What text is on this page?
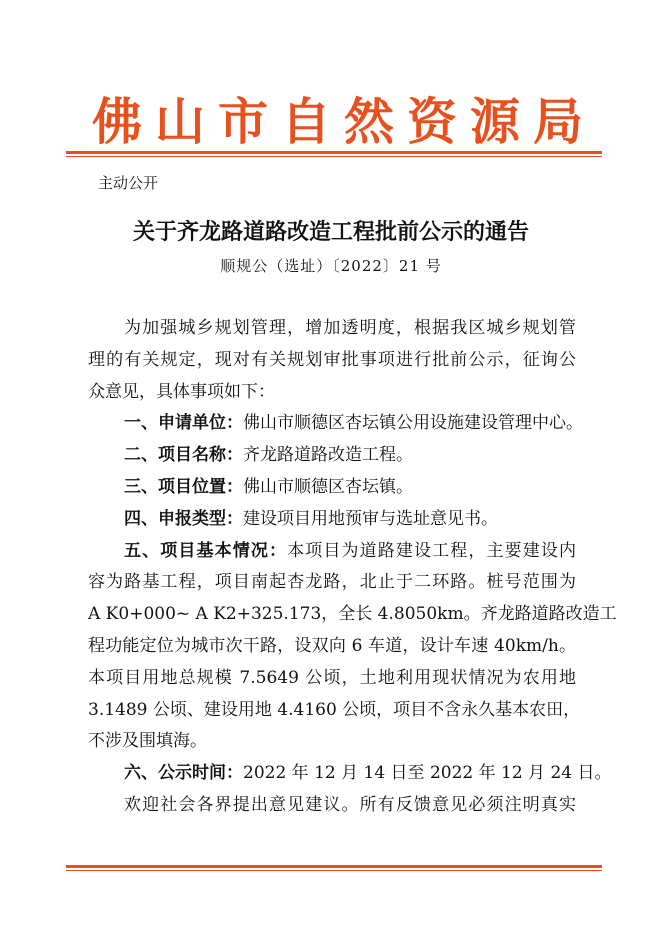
佛山市自然资源局
主动公开
关于齐龙路道路改造工程批前公示的通告
顺规公（选址）〔2022〕21 号
为加强城乡规划管理，增加透明度，根据我区城乡规划管
理的有关规定，现对有关规划审批事项进行批前公示，征询公
众意见，具体事项如下：
一、申请单位：佛山市顺德区杏坛镇公用设施建设管理中心。
二、项目名称：齐龙路道路改造工程。
三、项目位置：佛山市顺德区杏坛镇。
四、申报类型：建设项目用地预审与选址意见书。
五、项目基本情况：本项目为道路建设工程，主要建设内
容为路基工程，项目南起杏龙路，北止于二环路。桩号范围为
A K0+000~ A K2+325.173，全长 4.8050km。齐龙路道路改造工
程功能定位为城市次干路，设双向 6 车道，设计车速 40km/h。
本项目用地总规模 7.5649 公顷，土地利用现状情况为农用地
3.1489 公顷、建设用地 4.4160 公顷，项目不含永久基本农田，
不涉及围填海。
六、公示时间：2022 年 12 月 14 日至 2022 年 12 月 24 日。
欢迎社会各界提出意见建议。所有反馈意见必须注明真实
